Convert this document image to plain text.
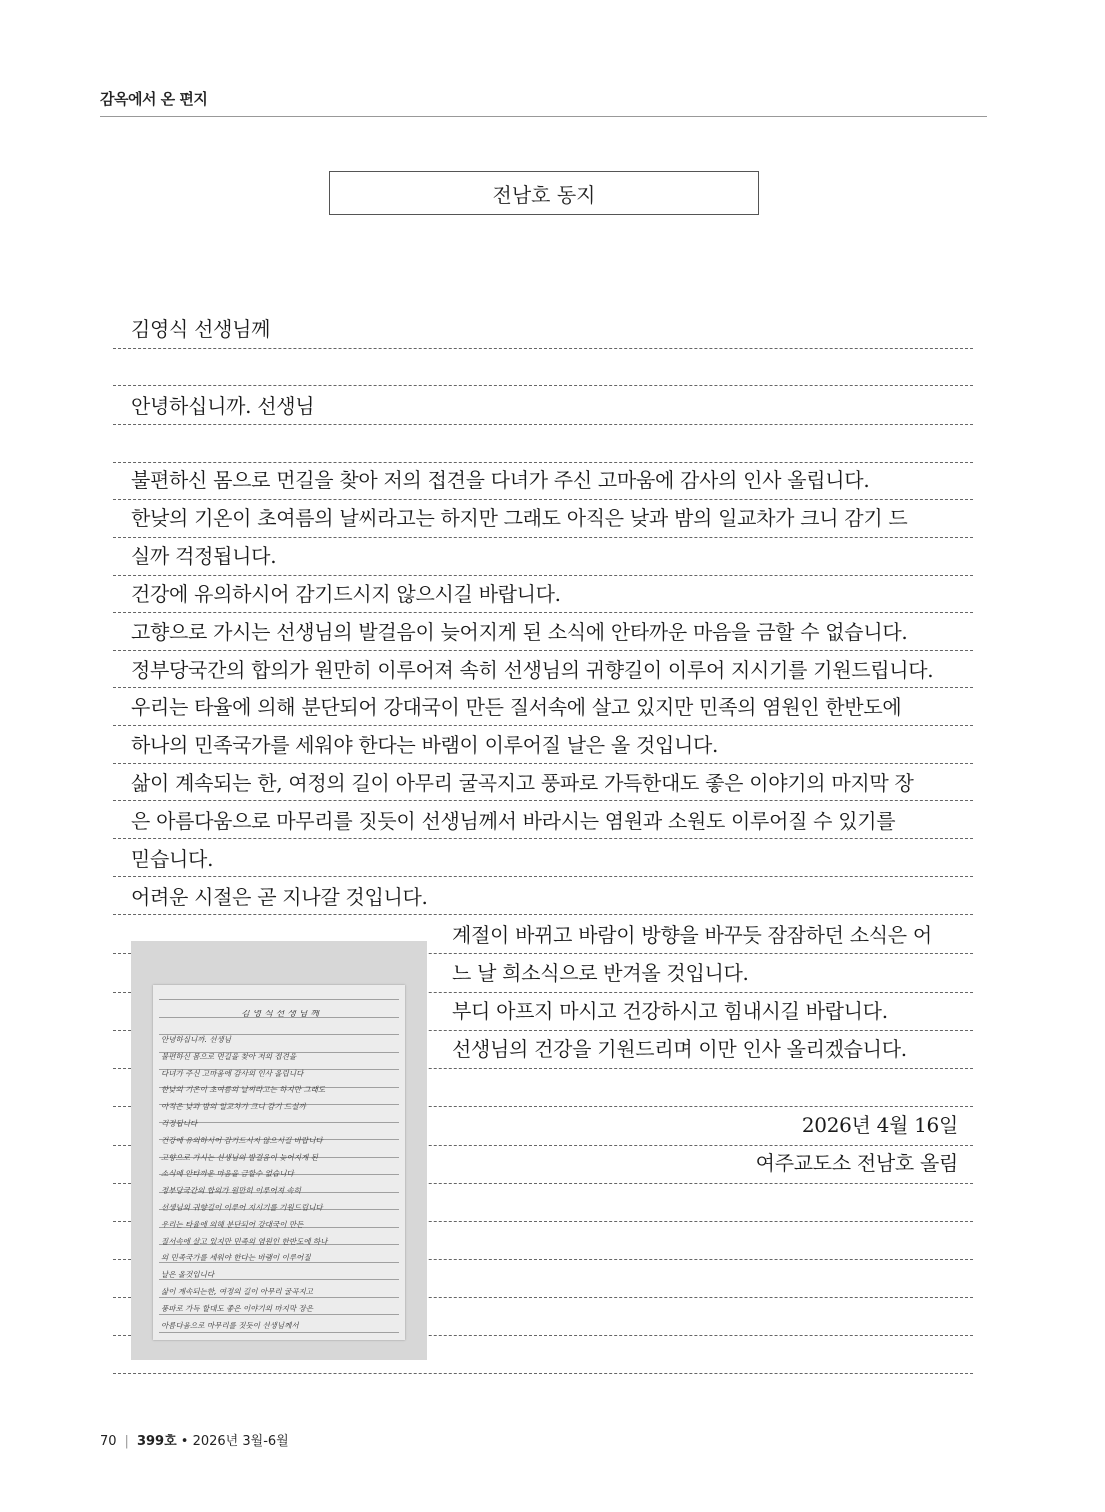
감옥에서 온 편지
전남호 동지
김영식 선생님께
안녕하십니까. 선생님
불편하신 몸으로 먼길을 찾아 저의 접견을 다녀가 주신 고마움에 감사의 인사 올립니다.
한낮의 기온이 초여름의 날씨라고는 하지만 그래도 아직은 낮과 밤의 일교차가 크니 감기 드
실까 걱정됩니다.
건강에 유의하시어 감기드시지 않으시길 바랍니다.
고향으로 가시는 선생님의 발걸음이 늦어지게 된 소식에 안타까운 마음을 금할 수 없습니다.
정부당국간의 합의가 원만히 이루어져 속히 선생님의 귀향길이 이루어 지시기를 기원드립니다.
우리는 타율에 의해 분단되어 강대국이 만든 질서속에 살고 있지만 민족의 염원인 한반도에
하나의 민족국가를 세워야 한다는 바램이 이루어질 날은 올 것입니다.
삶이 계속되는 한, 여정의 길이 아무리 굴곡지고 풍파로 가득한대도 좋은 이야기의 마지막 장
은 아름다움으로 마무리를 짓듯이 선생님께서 바라시는 염원과 소원도 이루어질 수 있기를
믿습니다.
어려운 시절은 곧 지나갈 것입니다.
계절이 바뀌고 바람이 방향을 바꾸듯 잠잠하던 소식은 어
느 날 희소식으로 반겨올 것입니다.
부디 아프지 마시고 건강하시고 힘내시길 바랍니다.
선생님의 건강을 기원드리며 이만 인사 올리겠습니다.
2026년 4월 16일
여주교도소 전남호 올림
김 영 식 선 생 님 께
안녕하십니까. 선생님
불편하신 몸으로 먼길을 찾아 저의 접견을
다녀가 주신 고마움에 감사의 인사 올립니다
한낮의 기온이 초여름의 날씨라고는 하지만 그래도
아직은 낮과 밤의 일교차가 크니 감기 드실까
걱정됩니다
건강에 유의하시어 감기드시지 않으시길 바랍니다
고향으로 가시는 선생님의 발걸음이 늦어지게 된
소식에 안타까운 마음을 금할수 없습니다
정부당국간의 합의가 원만히 이루어져 속히
선생님의 귀향길이 이루어 지시기를 기원드립니다
우리는 타율에 의해 분단되어 강대국이 만든
질서속에 살고 있지만 민족의 염원인 한반도에 하나
의 민족국가를 세워야 한다는 바램이 이루어질
날은 올것입니다
삶이 계속되는한, 여정의 길이 아무리 굴곡지고
풍파로 가득 할대도 좋은 이야기의 마지막 장은
아름다움으로 마무리를 짓듯이 선생님께서
70 | 399호 • 2026년 3월-6월
